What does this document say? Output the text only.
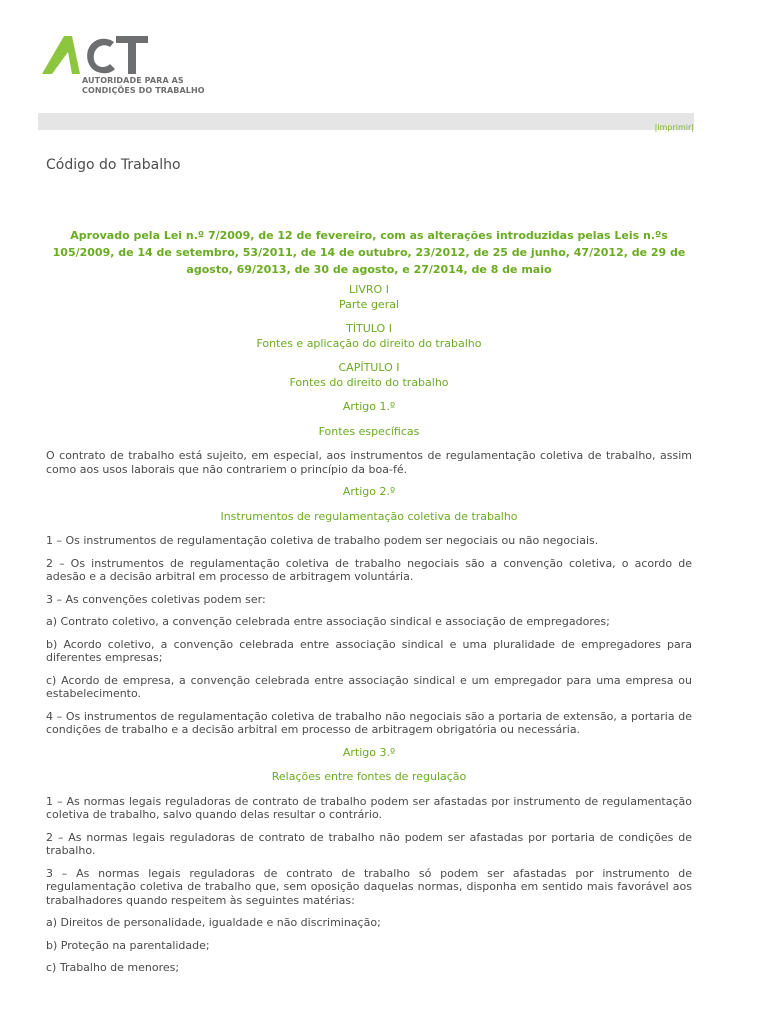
AUTORIDADE PARA AS
CONDIÇÕES DO TRABALHO
|imprimir|
Código do Trabalho

Aprovado pela Lei n.º 7/2009, de 12 de fevereiro, com as alterações introduzidas pelas Leis n.ºs 105/2009, de 14 de setembro, 53/2011, de 14 de outubro, 23/2012, de 25 de junho, 47/2012, de 29 de agosto, 69/2013, de 30 de agosto, e 27/2014, de 8 de maio

LIVRO I
Parte geral
TÍTULO I
Fontes e aplicação do direito do trabalho
CAPÍTULO I
Fontes do direito do trabalho
Artigo 1.º
Fontes específicas

O contrato de trabalho está sujeito, em especial, aos instrumentos de regulamentação coletiva de trabalho, assim como aos usos laborais que não contrariem o princípio da boa-fé.

Artigo 2.º
Instrumentos de regulamentação coletiva de trabalho

1 – Os instrumentos de regulamentação coletiva de trabalho podem ser negociais ou não negociais.

2 – Os instrumentos de regulamentação coletiva de trabalho negociais são a convenção coletiva, o acordo de adesão e a decisão arbitral em processo de arbitragem voluntária.

3 – As convenções coletivas podem ser:

a) Contrato coletivo, a convenção celebrada entre associação sindical e associação de empregadores;

b) Acordo coletivo, a convenção celebrada entre associação sindical e uma pluralidade de empregadores para diferentes empresas;

c) Acordo de empresa, a convenção celebrada entre associação sindical e um empregador para uma empresa ou estabelecimento.

4 – Os instrumentos de regulamentação coletiva de trabalho não negociais são a portaria de extensão, a portaria de condições de trabalho e a decisão arbitral em processo de arbitragem obrigatória ou necessária.

Artigo 3.º
Relações entre fontes de regulação

1 – As normas legais reguladoras de contrato de trabalho podem ser afastadas por instrumento de regulamentação coletiva de trabalho, salvo quando delas resultar o contrário.

2 – As normas legais reguladoras de contrato de trabalho não podem ser afastadas por portaria de condições de trabalho.

3 – As normas legais reguladoras de contrato de trabalho só podem ser afastadas por instrumento de regulamentação coletiva de trabalho que, sem oposição daquelas normas, disponha em sentido mais favorável aos trabalhadores quando respeitem às seguintes matérias:

a) Direitos de personalidade, igualdade e não discriminação;

b) Proteção na parentalidade;

c) Trabalho de menores;
